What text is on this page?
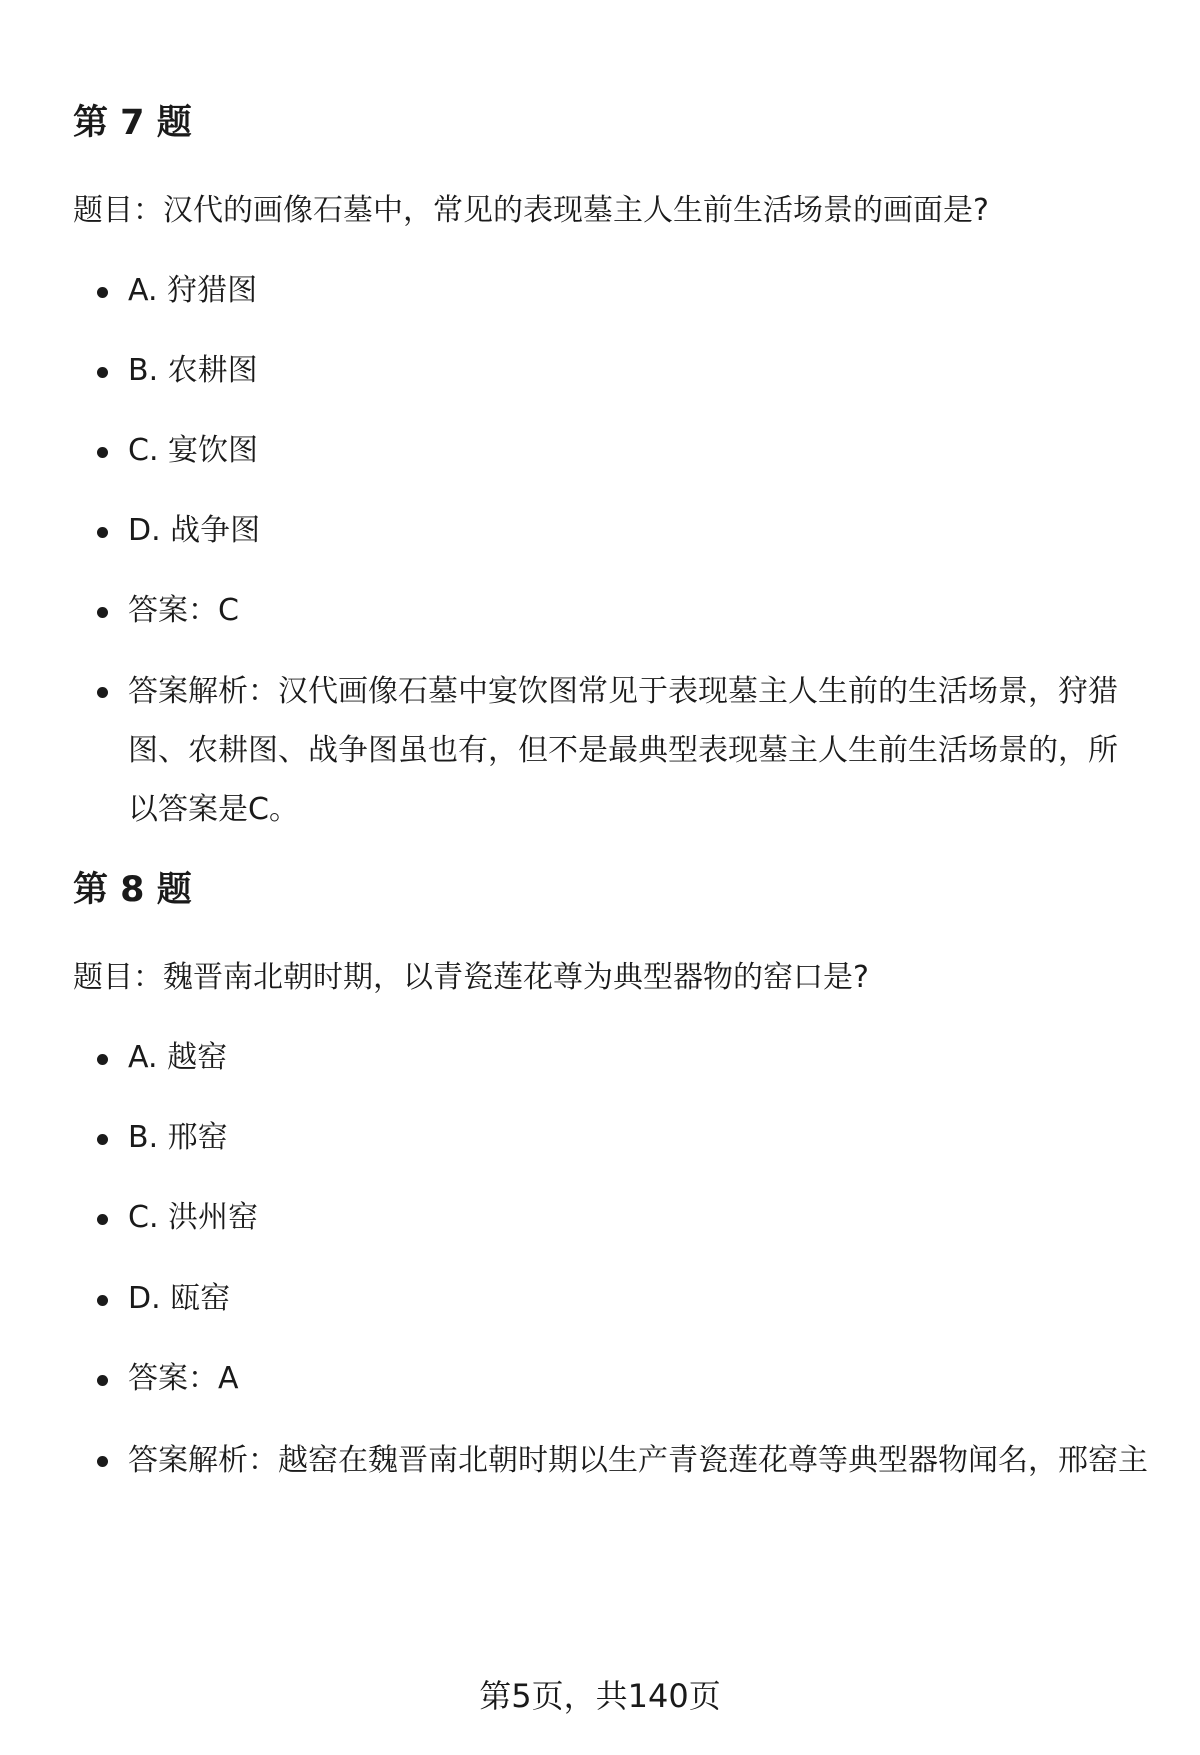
第 7 题

题目：汉代的画像石墓中，常见的表现墓主人生前生活场景的画面是?

A. 狩猎图
B. 农耕图
C. 宴饮图
D. 战争图
答案：C
答案解析：汉代画像石墓中宴饮图常见于表现墓主人生前的生活场景，狩猎图、农耕图、战争图虽也有，但不是最典型表现墓主人生前生活场景的，所以答案是C。
第 8 题

题目：魏晋南北朝时期，以青瓷莲花尊为典型器物的窑口是?

A. 越窑
B. 邢窑
C. 洪州窑
D. 瓯窑
答案：A
答案解析：越窑在魏晋南北朝时期以生产青瓷莲花尊等典型器物闻名，邢窑主
第5页，共140页
